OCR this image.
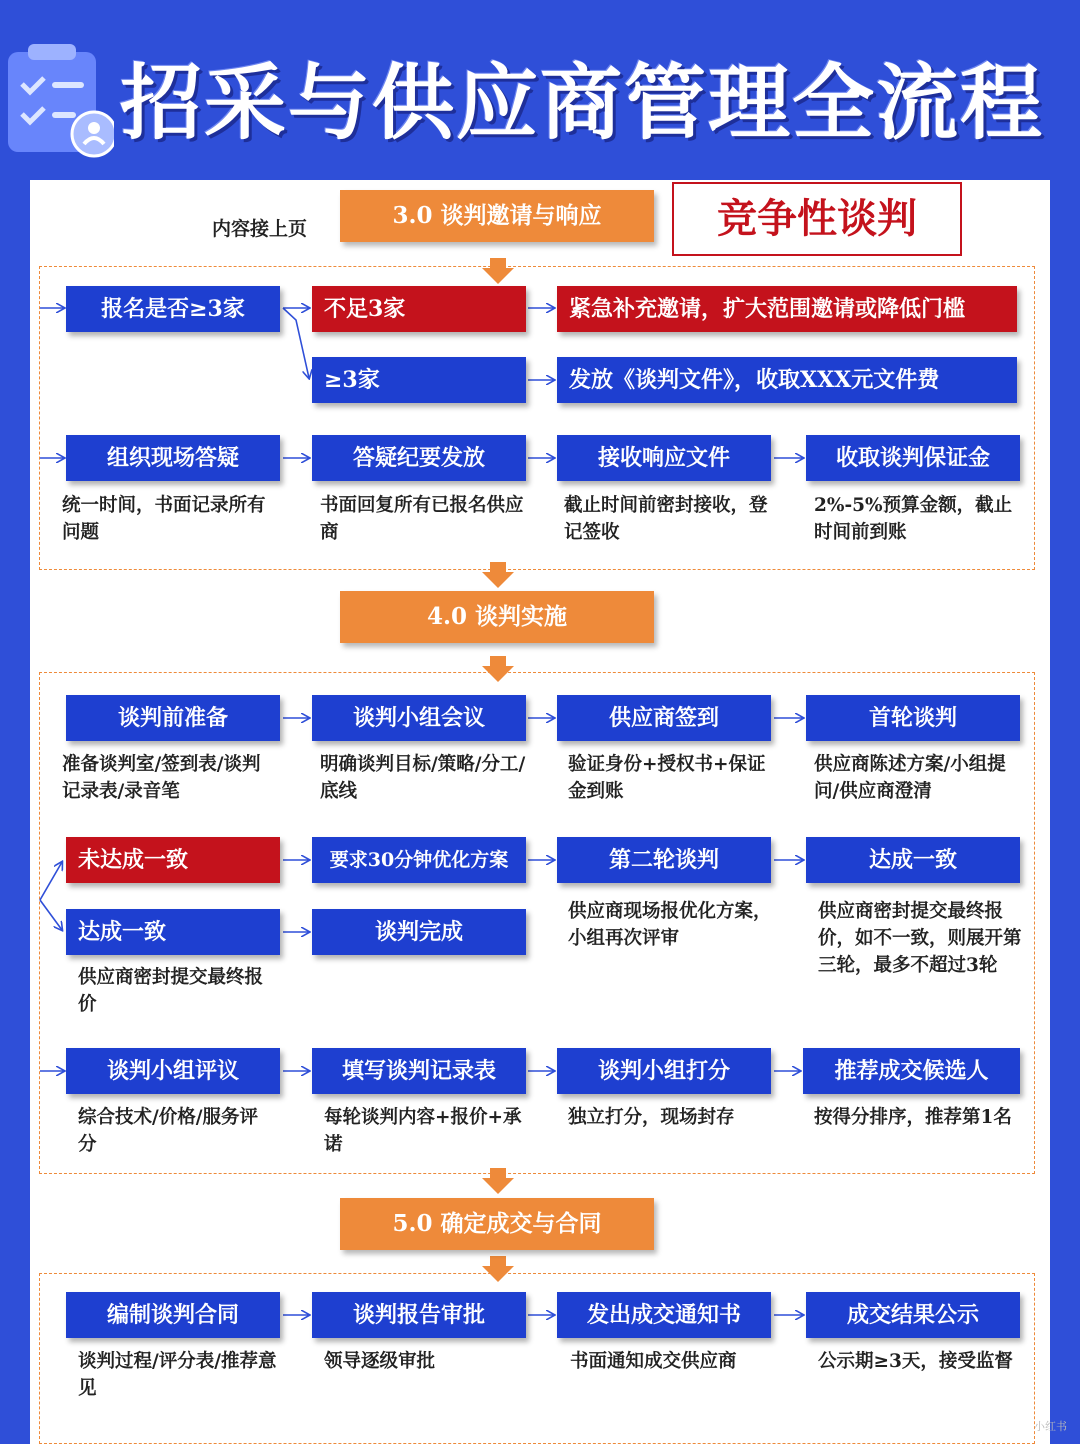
招采与供应商管理全流程
内容接上页	竞争性谈判
3.0 谈判邀请与响应
报名是否≥3家	不足3家	紧急补充邀请，扩大范围邀请或降低门槛
≥3家	发放《谈判文件》，收取XXX元文件费
组织现场答疑	答疑纪要发放	接收响应文件	收取谈判保证金
统一时间，书面记录所有问题
书面回复所有已报名供应商
截止时间前密封接收，登记签收
2%-5%预算金额，截止时间前到账
4.0 谈判实施
谈判前准备	谈判小组会议	供应商签到	首轮谈判
准备谈判室/签到表/谈判记录表/录音笔
明确谈判目标/策略/分工/底线
验证身份+授权书+保证金到账
供应商陈述方案/小组提问/供应商澄清
未达成一致	要求30分钟优化方案	第二轮谈判	达成一致
达成一致	谈判完成
供应商现场报优化方案，小组再次评审
供应商密封提交最终报价，如不一致，则展开第三轮，最多不超过3轮
供应商密封提交最终报价
谈判小组评议	填写谈判记录表	谈判小组打分	推荐成交候选人
综合技术/价格/服务评分
每轮谈判内容+报价+承诺
独立打分，现场封存	按得分排序，推荐第1名
5.0 确定成交与合同
编制谈判合同	谈判报告审批	发出成交通知书	成交结果公示
谈判过程/评分表/推荐意见
领导逐级审批	书面通知成交供应商	公示期≥3天，接受监督
小红书
